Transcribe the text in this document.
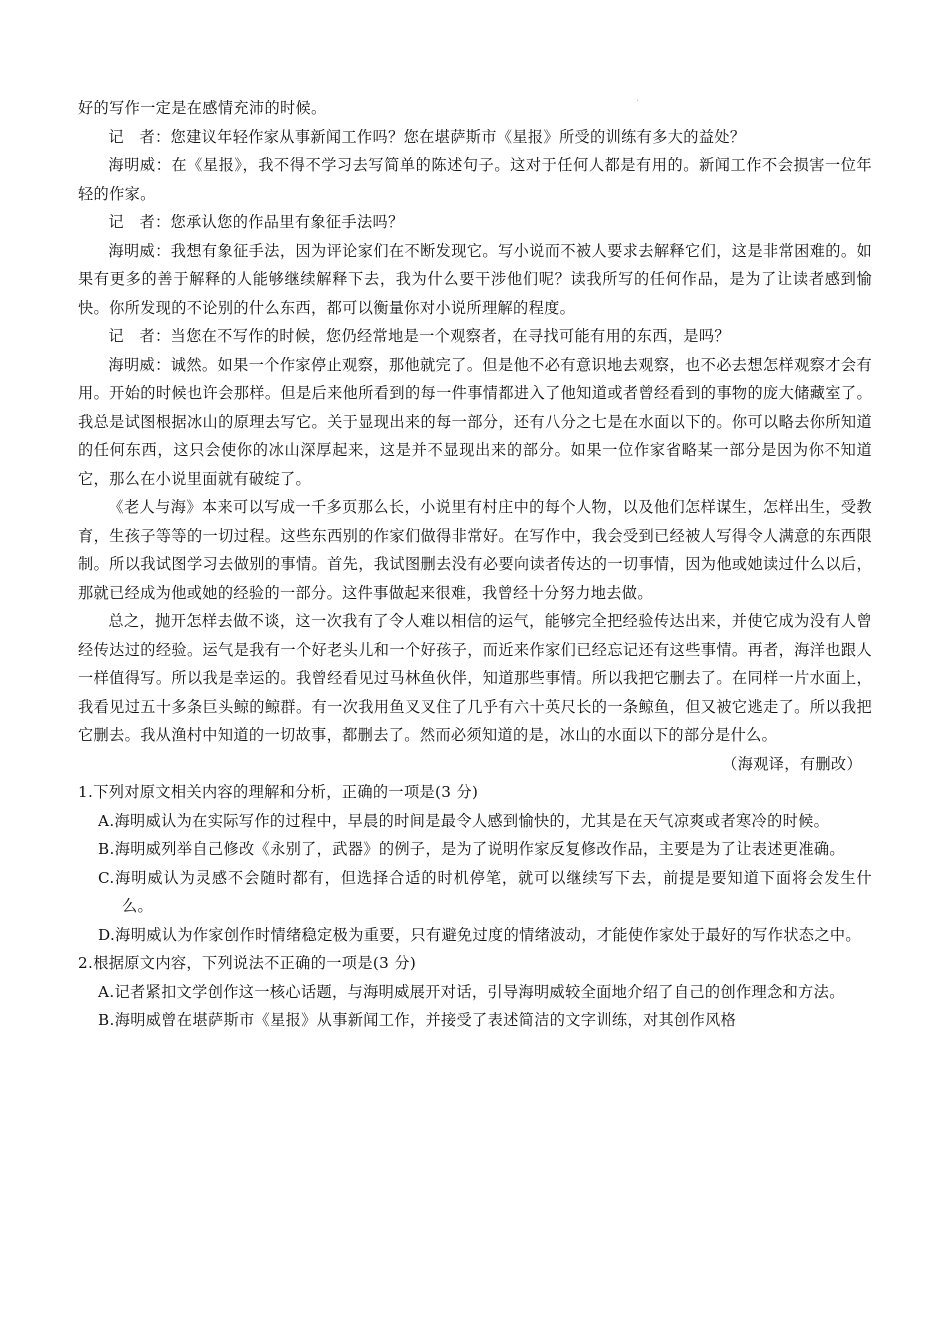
·

好的写作一定是在感情充沛的时候。

记　者：您建议年轻作家从事新闻工作吗？您在堪萨斯市《星报》所受的训练有多大的益处？

海明威：在《星报》，我不得不学习去写简单的陈述句子。这对于任何人都是有用的。新闻工作不会损害一位年轻的作家。

记　者：您承认您的作品里有象征手法吗？

海明威：我想有象征手法，因为评论家们在不断发现它。写小说而不被人要求去解释它们，这是非常困难的。如果有更多的善于解释的人能够继续解释下去，我为什么要干涉他们呢？读我所写的任何作品，是为了让读者感到愉快。你所发现的不论别的什么东西，都可以衡量你对小说所理解的程度。

记　者：当您在不写作的时候，您仍经常地是一个观察者，在寻找可能有用的东西，是吗？

海明威：诚然。如果一个作家停止观察，那他就完了。但是他不必有意识地去观察，也不必去想怎样观察才会有用。开始的时候也许会那样。但是后来他所看到的每一件事情都进入了他知道或者曾经看到的事物的庞大储藏室了。我总是试图根据冰山的原理去写它。关于显现出来的每一部分，还有八分之七是在水面以下的。你可以略去你所知道的任何东西，这只会使你的冰山深厚起来，这是并不显现出来的部分。如果一位作家省略某一部分是因为你不知道它，那么在小说里面就有破绽了。

《老人与海》本来可以写成一千多页那么长，小说里有村庄中的每个人物，以及他们怎样谋生，怎样出生，受教育，生孩子等等的一切过程。这些东西别的作家们做得非常好。在写作中，我会受到已经被人写得令人满意的东西限制。所以我试图学习去做别的事情。首先，我试图删去没有必要向读者传达的一切事情，因为他或她读过什么以后，那就已经成为他或她的经验的一部分。这件事做起来很难，我曾经十分努力地去做。

总之，抛开怎样去做不谈，这一次我有了令人难以相信的运气，能够完全把经验传达出来，并使它成为没有人曾经传达过的经验。运气是我有一个好老头儿和一个好孩子，而近来作家们已经忘记还有这些事情。再者，海洋也跟人一样值得写。所以我是幸运的。我曾经看见过马林鱼伙伴，知道那些事情。所以我把它删去了。在同样一片水面上，我看见过五十多条巨头鲸的鲸群。有一次我用鱼叉叉住了几乎有六十英尺长的一条鲸鱼，但又被它逃走了。所以我把它删去。我从渔村中知道的一切故事，都删去了。然而必须知道的是，冰山的水面以下的部分是什么。

（海观译，有删改）

1.下列对原文相关内容的理解和分析，正确的一项是(3 分)

A.海明威认为在实际写作的过程中，早晨的时间是最令人感到愉快的，尤其是在天气凉爽或者寒冷的时候。

B.海明威列举自己修改《永别了，武器》的例子，是为了说明作家反复修改作品，主要是为了让表述更准确。

C.海明威认为灵感不会随时都有，但选择合适的时机停笔，就可以继续写下去，前提是要知道下面将会发生什么。

D.海明威认为作家创作时情绪稳定极为重要，只有避免过度的情绪波动，才能使作家处于最好的写作状态之中。

2.根据原文内容，下列说法不正确的一项是(3 分)

A.记者紧扣文学创作这一核心话题，与海明威展开对话，引导海明威较全面地介绍了自己的创作理念和方法。

B.海明威曾在堪萨斯市《星报》从事新闻工作，并接受了表述简洁的文字训练，对其创作风格
